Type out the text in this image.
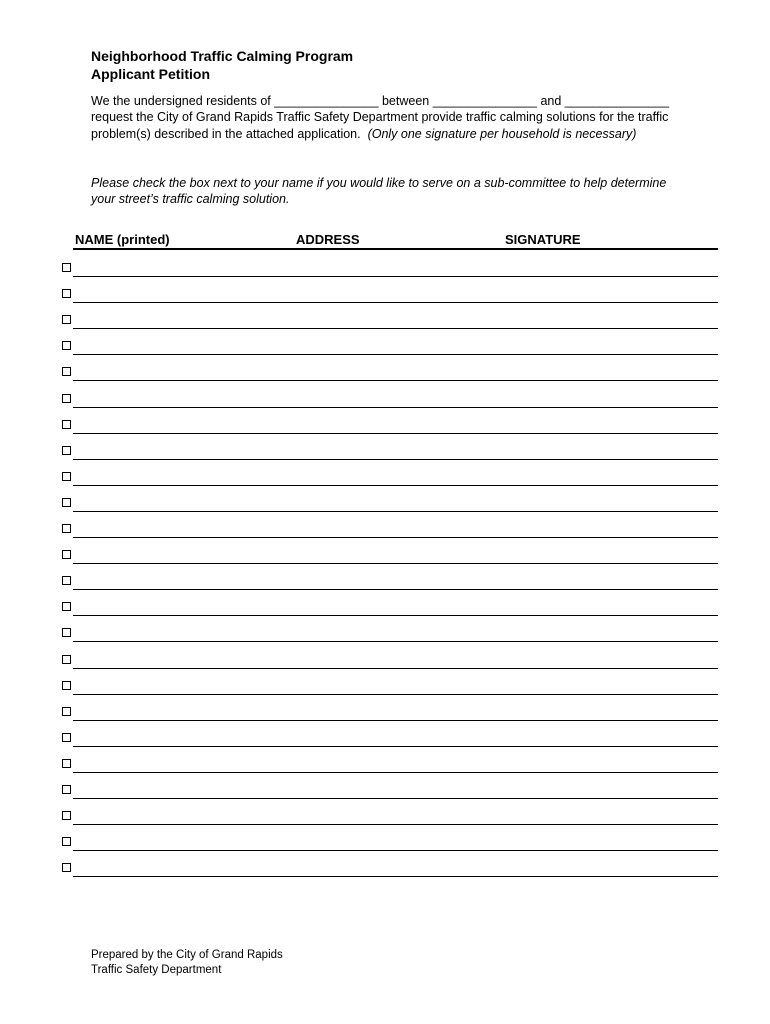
Neighborhood Traffic Calming Program
Applicant Petition
We the undersigned residents of _______________ between _______________ and _______________ request the City of Grand Rapids Traffic Safety Department provide traffic calming solutions for the traffic problem(s) described in the attached application. (Only one signature per household is necessary)
Please check the box next to your name if you would like to serve on a sub-committee to help determine your street’s traffic calming solution.
NAME (printed)	ADDRESS	SIGNATURE
Prepared by the City of Grand Rapids
Traffic Safety Department
